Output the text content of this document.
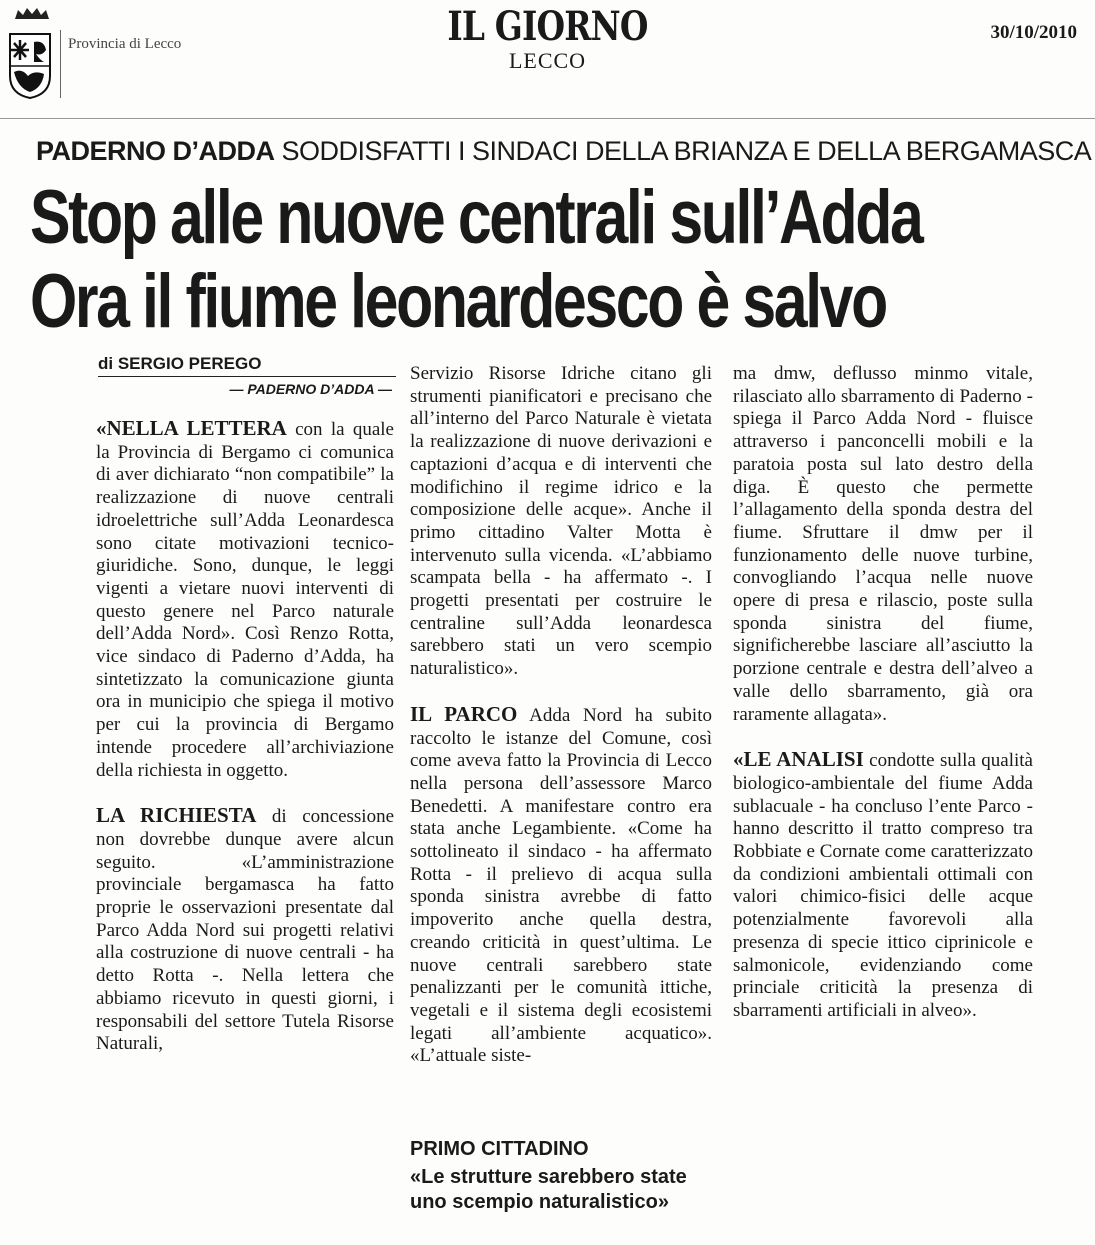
Provincia di Lecco	IL GIORNO
LECCO
30/10/2010
PADERNO D’ADDA SODDISFATTI I SINDACI DELLA BRIANZA E DELLA BERGAMASCA
Stop alle nuove centrali sull’Adda
Ora il fiume leonardesco è salvo
di SERGIO PEREGO
— PADERNO D’ADDA —

«NELLA LETTERA con la quale la Provincia di Bergamo ci comunica di aver dichiarato “non compatibile” la realizzazione di nuove centrali idroelettriche sull’Adda Leonardesca sono citate motivazioni tecnico-giuridiche. Sono, dunque, le leggi vigenti a vietare nuovi interventi di questo genere nel Parco naturale dell’Adda Nord». Così Renzo Rotta, vice sindaco di Paderno d’Adda, ha sintetizzato la comunicazione giunta ora in municipio che spiega il motivo per cui la provincia di Bergamo intende procedere all’archiviazione della richiesta in oggetto.

LA RICHIESTA di concessione non dovrebbe dunque avere alcun seguito. «L’amministrazione provinciale bergamasca ha fatto proprie le osservazioni presentate dal Parco Adda Nord sui progetti relativi alla costruzione di nuove centrali - ha detto Rotta -. Nella lettera che abbiamo ricevuto in questi giorni, i responsabili del settore Tutela Risorse Naturali,

Servizio Risorse Idriche citano gli strumenti pianificatori e precisano che all’interno del Parco Naturale è vietata la realizzazione di nuove derivazioni e captazioni d’acqua e di interventi che modifichino il regime idrico e la composizione delle acque». Anche il primo cittadino Valter Motta è intervenuto sulla vicenda. «L’abbiamo scampata bella - ha affermato -. I progetti presentati per costruire le centraline sull’Adda leonardesca sarebbero stati un vero scempio naturalistico».

IL PARCO Adda Nord ha subito raccolto le istanze del Comune, così come aveva fatto la Provincia di Lecco nella persona dell’assessore Marco Benedetti. A manifestare contro era stata anche Legambiente. «Come ha sottolineato il sindaco - ha affermato Rotta - il prelievo di acqua sulla sponda sinistra avrebbe di fatto impoverito anche quella destra, creando criticità in quest’ultima. Le nuove centrali sarebbero state penalizzanti per le comunità ittiche, vegetali e il sistema degli ecosistemi legati all’ambiente acquatico». «L’attuale siste-

ma dmw, deflusso minmo vitale, rilasciato allo sbarramento di Paderno - spiega il Parco Adda Nord - fluisce attraverso i panconcelli mobili e la paratoia posta sul lato destro della diga. È questo che permette l’allagamento della sponda destra del fiume. Sfruttare il dmw per il funzionamento delle nuove turbine, convogliando l’acqua nelle nuove opere di presa e rilascio, poste sulla sponda sinistra del fiume, significherebbe lasciare all’asciutto la porzione centrale e destra dell’alveo a valle dello sbarramento, già ora raramente allagata».

«LE ANALISI condotte sulla qualità biologico-ambientale del fiume Adda sublacuale - ha concluso l’ente Parco - hanno descritto il tratto compreso tra Robbiate e Cornate come caratterizzato da condizioni ambientali ottimali con valori chimico-fisici delle acque potenzialmente favorevoli alla presenza di specie ittico ciprinicole e salmonicole, evidenziando come princiale criticità la presenza di sbarramenti artificiali in alveo».

PRIMO CITTADINO
«Le strutture sarebbero state uno scempio naturalistico»
